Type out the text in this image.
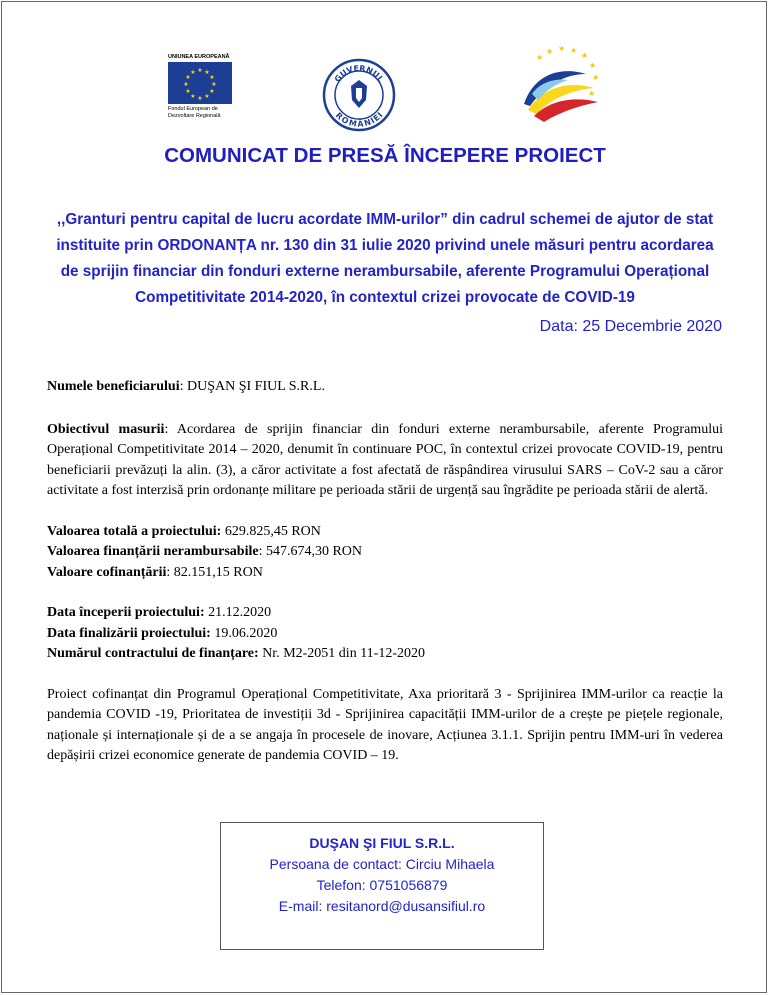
UNIUNEA EUROPEANĂ
★ ★
★
★
★
★
★
★
★
★
★
★
Fondul European de
Dezvoltare Regională
GUVERNUL
ROMÂNIEI
★ ★ ★
★
★
★
★
★
COMUNICAT DE PRESĂ ÎNCEPERE PROIECT
,,Granturi pentru capital de lucru acordate IMM-urilor” din cadrul schemei de ajutor de stat
instituite prin ORDONANȚA nr. 130 din 31 iulie 2020 privind unele măsuri pentru acordarea
de sprijin financiar din fonduri externe nerambursabile, aferente Programului Operațional
Competitivitate 2014-2020, în contextul crizei provocate de COVID-19
Data: 25 Decembrie 2020

Numele beneficiarului: DUŞAN ŞI FIUL S.R.L.

Obiectivul masurii: Acordarea de sprijin financiar din fonduri externe nerambursabile, aferente Programului Operațional Competitivitate 2014 – 2020, denumit în continuare POC, în contextul crizei provocate COVID-19, pentru beneficiarii prevăzuți la alin. (3), a căror activitate a fost afectată de răspândirea virusului SARS – CoV-2 sau a căror activitate a fost interzisă prin ordonanțe militare pe perioada stării de urgență sau îngrădite pe perioada stării de alertă.

Valoarea totală a proiectului: 629.825,45 RON

Valoarea finanțării nerambursabile: 547.674,30 RON

Valoare cofinanțării: 82.151,15 RON

Data începerii proiectului: 21.12.2020

Data finalizării proiectului: 19.06.2020

Numărul contractului de finanțare: Nr. M2-2051 din 11-12-2020

Proiect cofinanțat din Programul Operațional Competitivitate, Axa prioritară 3 - Sprijinirea IMM-urilor ca reacție la pandemia COVID -19, Prioritatea de investiții 3d - Sprijinirea capacității IMM-urilor de a crește pe piețele regionale, naționale și internaționale și de a se angaja în procesele de inovare, Acțiunea 3.1.1. Sprijin pentru IMM-uri în vederea depășirii crizei economice generate de pandemia COVID – 19.

DUŞAN ŞI FIUL S.R.L.
Persoana de contact: Circiu Mihaela
Telefon: 0751056879
E-mail: resitanord@dusansifiul.ro
